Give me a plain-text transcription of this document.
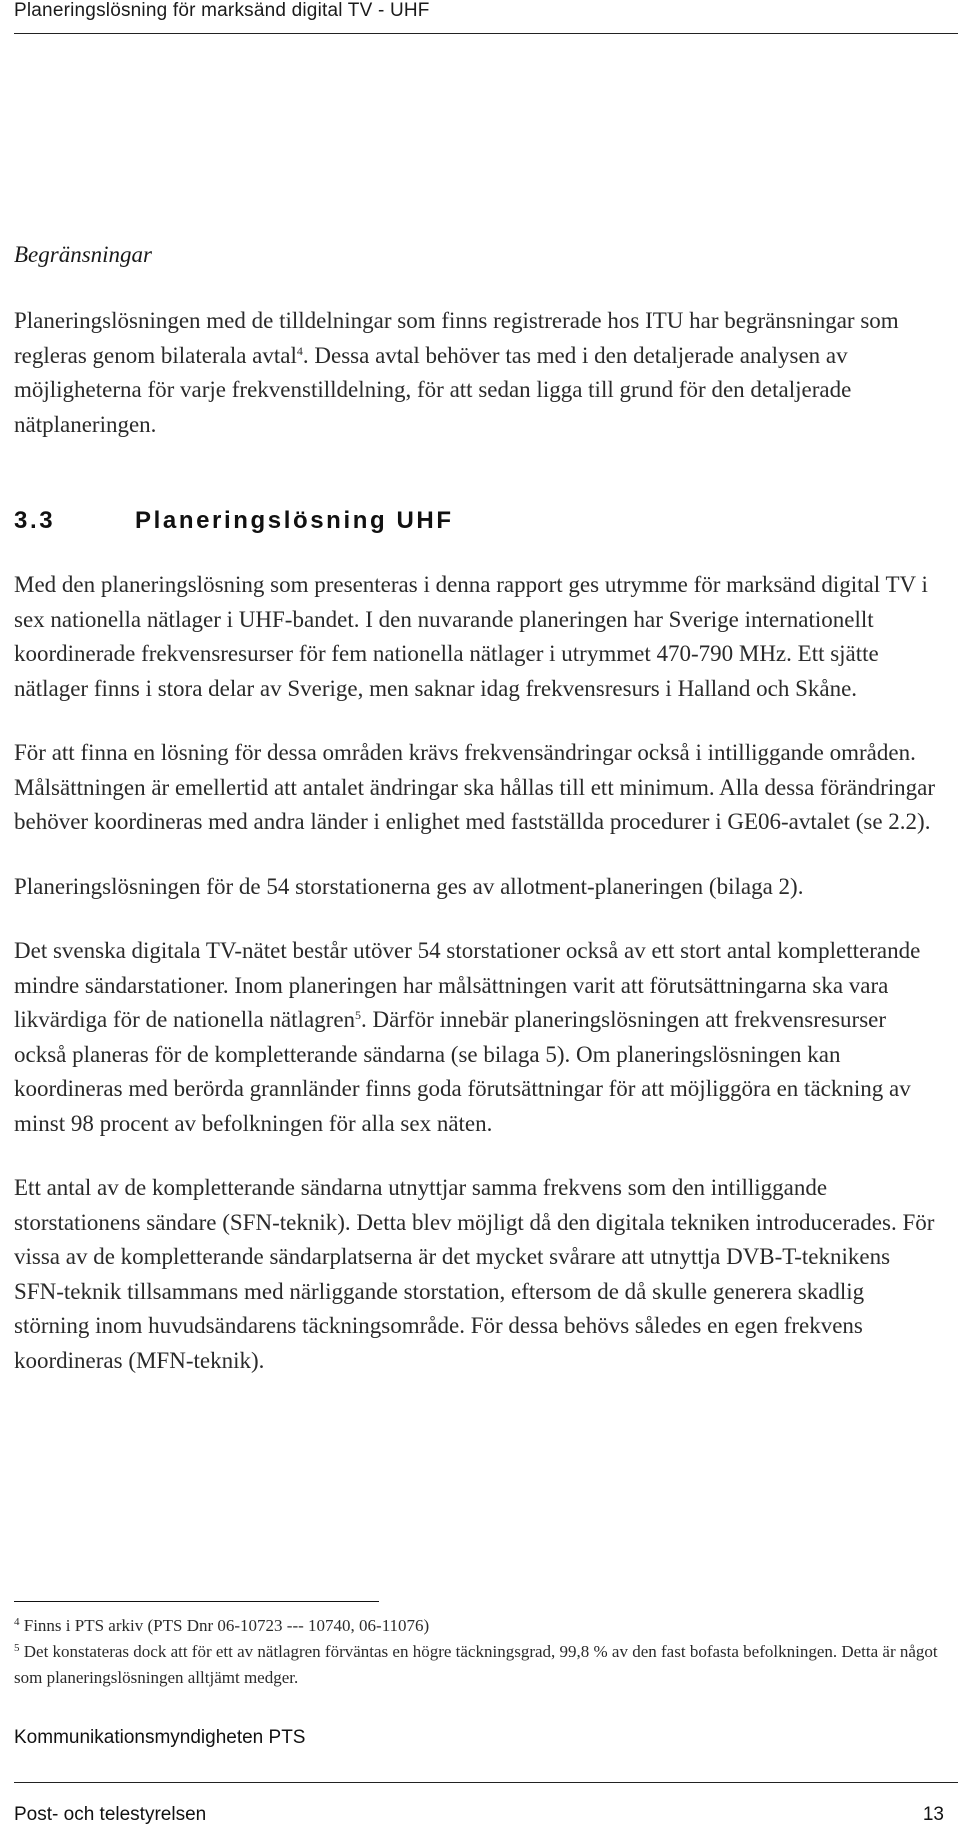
Planeringslösning för marksänd digital TV - UHF
Begränsningar

Planeringslösningen med de tilldelningar som finns registrerade hos ITU har begränsningar som regleras genom bilaterala avtal$^4$. Dessa avtal behöver tas med i den detaljerade analysen av möjligheterna för varje frekvenstilldelning, för att sedan ligga till grund för den detaljerade nätplaneringen.

3.3	Planeringslösning UHF

Med den planeringslösning som presenteras i denna rapport ges utrymme för marksänd digital TV i sex nationella nätlager i UHF-bandet. I den nuvarande planeringen har Sverige internationellt koordinerade frekvensresurser för fem nationella nätlager i utrymmet 470-790 MHz. Ett sjätte nätlager finns i stora delar av Sverige, men saknar idag frekvensresurs i Halland och Skåne.

För att finna en lösning för dessa områden krävs frekvensändringar också i intilliggande områden. Målsättningen är emellertid att antalet ändringar ska hållas till ett minimum. Alla dessa förändringar behöver koordineras med andra länder i enlighet med fastställda procedurer i GE06-avtalet (se 2.2).

Planeringslösningen för de 54 storstationerna ges av allotment-planeringen (bilaga 2).

Det svenska digitala TV-nätet består utöver 54 storstationer också av ett stort antal kompletterande mindre sändarstationer. Inom planeringen har målsättningen varit att förutsättningarna ska vara likvärdiga för de nationella nätlagren$^5$. Därför innebär planeringslösningen att frekvensresurser också planeras för de kompletterande sändarna (se bilaga 5). Om planeringslösningen kan koordineras med berörda grannländer finns goda förutsättningar för att möjliggöra en täckning av minst 98 procent av befolkningen för alla sex näten.

Ett antal av de kompletterande sändarna utnyttjar samma frekvens som den intilliggande storstationens sändare (SFN-teknik). Detta blev möjligt då den digitala tekniken introducerades. För vissa av de kompletterande sändarplatserna är det mycket svårare att utnyttja DVB-T-teknikens SFN-teknik tillsammans med närliggande storstation, eftersom de då skulle generera skadlig störning inom huvudsändarens täckningsområde. För dessa behövs således en egen frekvens koordineras (MFN-teknik).

$^4$ Finns i PTS arkiv (PTS Dnr 06-10723 --- 10740, 06-11076)

$^5$ Det konstateras dock att för ett av nätlagren förväntas en högre täckningsgrad, 99,8 % av den fast bofasta befolkningen. Detta är något som planeringslösningen alltjämt medger.

Kommunikationsmyndigheten PTS
Post- och telestyrelsen	13
